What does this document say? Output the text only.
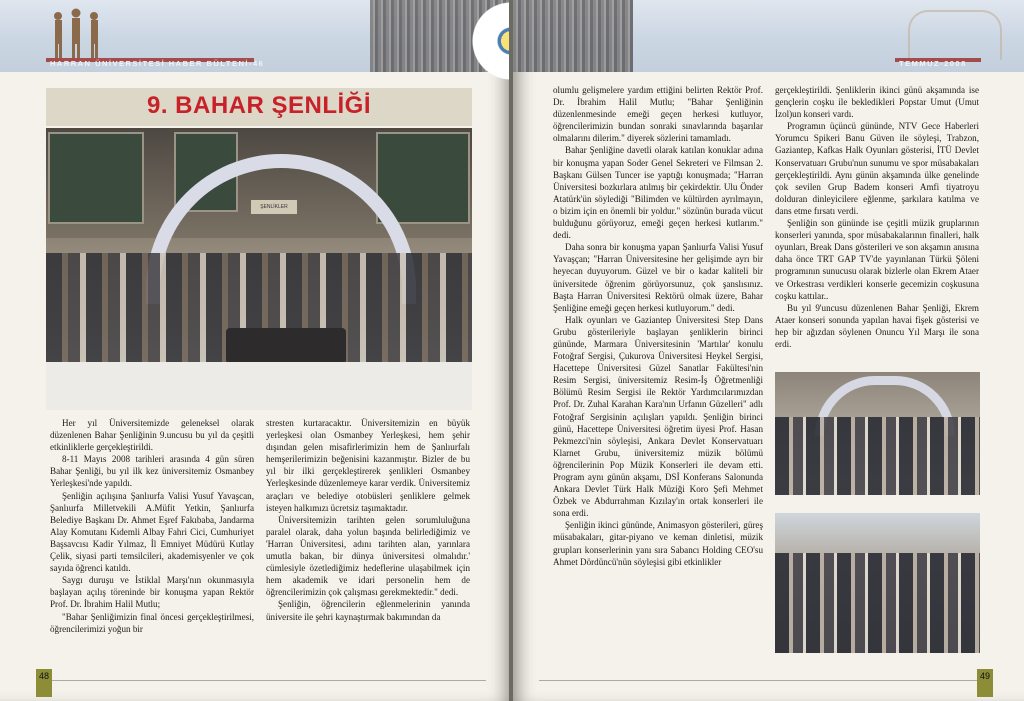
HARRAN ÜNİVERSİTESİ HABER BÜLTENİ-46
9. BAHAR ŞENLİĞİ
ŞENLİKLER

Her yıl Üniversitemizde geleneksel olarak düzenlenen Bahar Şenliğinin 9.uncusu bu yıl da çeşitli etkinliklerle gerçekleştirildi.

8-11 Mayıs 2008 tarihleri arasında 4 gün süren Bahar Şenliği, bu yıl ilk kez üniversitemiz Osmanbey Yerleşkesi'nde yapıldı.

Şenliğin açılışına Şanlıurfa Valisi Yusuf Yavaşcan, Şanlıurfa Milletvekili A.Müfit Yetkin, Şanlıurfa Belediye Başkanı Dr. Ahmet Eşref Fakıbaba, Jandarma Alay Komutanı Kıdemli Albay Fahri Cici, Cumhuriyet Başsavcısı Kadir Yılmaz, İl Emniyet Müdürü Kutlay Çelik, siyasi parti temsilcileri, akademisyenler ve çok sayıda öğrenci katıldı.

Saygı duruşu ve İstiklal Marşı'nın okunmasıyla başlayan açılış töreninde bir konuşma yapan Rektör Prof. Dr. İbrahim Halil Mutlu;

"Bahar Şenliğimizin final öncesi gerçekleştirilmesi, öğrencilerimizi yoğun bir

stresten kurtaracaktır. Üniversitemizin en büyük yerleşkesi olan Osmanbey Yerleşkesi, hem şehir dışından gelen misafirlerimizin hem de Şanlıurfalı hemşerilerimizin beğenisini kazanmıştır. Bizler de bu yıl bir ilki gerçekleştirerek şenlikleri Osmanbey Yerleşkesinde düzenlemeye karar verdik. Üniversitemiz araçları ve belediye otobüsleri şenliklere gelmek isteyen halkımızı ücretsiz taşımaktadır.

Üniversitemizin tarihten gelen sorumluluğuna paralel olarak, daha yolun başında belirlediğimiz ve 'Harran Üniversitesi, adını tarihten alan, yarınlara umutla bakan, bir dünya üniversitesi olmalıdır.' cümlesiyle özetlediğimiz hedeflerine ulaşabilmek için hem akademik ve idari personelin hem de öğrencilerimizin çok çalışması gerekmektedir." dedi.

Şenliğin, öğrencilerin eğlenmelerinin yanında üniversite ile şehri kaynaştırmak bakımından da

48
TEMMUZ-2008

olumlu gelişmelere yardım ettiğini belirten Rektör Prof. Dr. İbrahim Halil Mutlu; "Bahar Şenliğinin düzenlenmesinde emeği geçen herkesi kutluyor, öğrencilerimizin bundan sonraki sınavlarında başarılar olmalarını dilerim." diyerek sözlerini tamamladı.

Bahar Şenliğine davetli olarak katılan konuklar adına bir konuşma yapan Soder Genel Sekreteri ve Filmsan 2. Başkanı Gülsen Tuncer ise yaptığı konuşmada; "Harran Üniversitesi bozkırlara atılmış bir çekirdektir. Ulu Önder Atatürk'ün söylediği "Bilimden ve kültürden ayrılmayın, o bizim için en önemli bir yoldur." sözünün burada vücut bulduğunu görüyoruz, emeği geçen herkesi kutlarım." dedi.

Daha sonra bir konuşma yapan Şanlıurfa Valisi Yusuf Yavaşçan; "Harran Üniversitesine her gelişimde ayrı bir heyecan duyuyorum. Güzel ve bir o kadar kaliteli bir üniversitede öğrenim görüyorsunuz, çok şanslısınız. Başta Harran Üniversitesi Rektörü olmak üzere, Bahar Şenliğine emeği geçen herkesi kutluyorum." dedi.

Halk oyunları ve Gaziantep Üniversitesi Step Dans Grubu gösterileriyle başlayan şenliklerin birinci gününde, Marmara Üniversitesinin 'Martılar' konulu Fotoğraf Sergisi, Çukurova Üniversitesi Heykel Sergisi, Hacettepe Üniversitesi Güzel Sanatlar Fakültesi'nin Resim Sergisi, üniversitemiz Resim-İş Öğretmenliği Bölümü Resim Sergisi ile Rektör Yardımcılarımızdan Prof. Dr. Zuhal Karahan Kara'nın Urfanın Güzelleri" adlı Fotoğraf Sergisinin açılışları yapıldı. Şenliğin birinci günü, Hacettepe Üniversitesi öğretim üyesi Prof. Hasan Pekmezci'nin söyleşisi, Ankara Devlet Konservatuarı Klarnet Grubu, üniversitemiz müzik bölümü öğrencilerinin Pop Müzik Konserleri ile devam etti. Program aynı günün akşamı, DSİ Konferans Salonunda Ankara Devlet Türk Halk Müziği Koro Şefi Mehmet Özbek ve Abdurrahman Kızılay'ın ortak konserleri ile sona erdi.

Şenliğin ikinci gününde, Animasyon gösterileri, güreş müsabakaları, gitar-piyano ve keman dinletisi, müzik grupları konserlerinin yanı sıra Sabancı Holding CEO'su Ahmet Dördüncü'nün söyleşisi gibi etkinlikler

gerçekleştirildi. Şenliklerin ikinci günü akşamında ise gençlerin coşku ile bekledikleri Popstar Umut (Umut İzol)un konseri vardı.

Programın üçüncü gününde, NTV Gece Haberleri Yorumcu Spikeri Banu Güven ile söyleşi, Trabzon, Gaziantep, Kafkas Halk Oyunları gösterisi, İTÜ Devlet Konservatuarı Grubu'nun sunumu ve spor müsabakaları gerçekleştirildi. Aynı günün akşamında ülke genelinde çok sevilen Grup Badem konseri Amfi tiyatroyu dolduran dinleyicilere eğlenme, şarkılara katılma ve dans etme fırsatı verdi.

Şenliğin son gününde ise çeşitli müzik gruplarının konserleri yanında, spor müsabakalarının finalleri, halk oyunları, Break Dans gösterileri ve son akşamın anısına daha önce TRT GAP TV'de yayınlanan Türkü Şöleni programının sunucusu olarak bizlerle olan Ekrem Ataer ve Orkestrası verdikleri konserle gecemizin coşkusuna coşku kattılar..

Bu yıl 9'uncusu düzenlenen Bahar Şenliği, Ekrem Ataer konseri sonunda yapılan havai fişek gösterisi ve hep bir ağızdan söylenen Onuncu Yıl Marşı ile sona erdi.

49
